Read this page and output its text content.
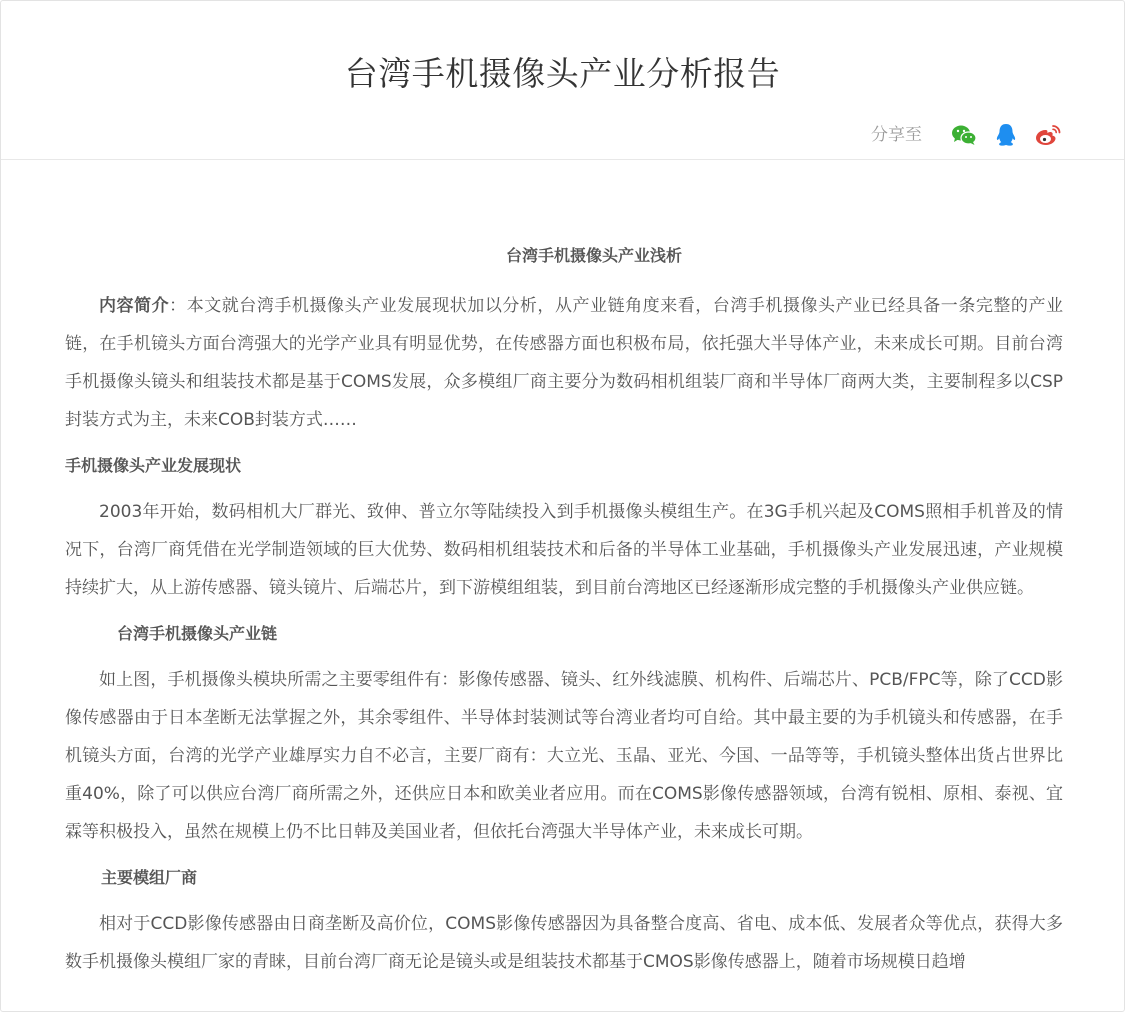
台湾手机摄像头产业分析报告
分享至
台湾手机摄像头产业浅析

内容简介：本文就台湾手机摄像头产业发展现状加以分析，从产业链角度来看，台湾手机摄像头产业已经具备一条完整的产业链，在手机镜头方面台湾强大的光学产业具有明显优势，在传感器方面也积极布局，依托强大半导体产业，未来成长可期。目前台湾手机摄像头镜头和组装技术都是基于COMS发展，众多模组厂商主要分为数码相机组装厂商和半导体厂商两大类，主要制程多以CSP封装方式为主，未来COB封装方式……

手机摄像头产业发展现状

2003年开始，数码相机大厂群光、致伸、普立尔等陆续投入到手机摄像头模组生产。在3G手机兴起及COMS照相手机普及的情况下，台湾厂商凭借在光学制造领域的巨大优势、数码相机组装技术和后备的半导体工业基础，手机摄像头产业发展迅速，产业规模持续扩大，从上游传感器、镜头镜片、后端芯片，到下游模组组装，到目前台湾地区已经逐渐形成完整的手机摄像头产业供应链。

台湾手机摄像头产业链

如上图，手机摄像头模块所需之主要零组件有：影像传感器、镜头、红外线滤膜、机构件、后端芯片、PCB/FPC等，除了CCD影像传感器由于日本垄断无法掌握之外，其余零组件、半导体封装测试等台湾业者均可自给。其中最主要的为手机镜头和传感器，在手机镜头方面，台湾的光学产业雄厚实力自不必言，主要厂商有：大立光、玉晶、亚光、今国、一品等等，手机镜头整体出货占世界比重40%，除了可以供应台湾厂商所需之外，还供应日本和欧美业者应用。而在COMS影像传感器领域，台湾有锐相、原相、泰视、宜霖等积极投入，虽然在规模上仍不比日韩及美国业者，但依托台湾强大半导体产业，未来成长可期。

主要模组厂商

相对于CCD影像传感器由日商垄断及高价位，COMS影像传感器因为具备整合度高、省电、成本低、发展者众等优点，获得大多数手机摄像头模组厂家的青睐，目前台湾厂商无论是镜头或是组装技术都基于CMOS影像传感器上，随着市场规模日趋增
